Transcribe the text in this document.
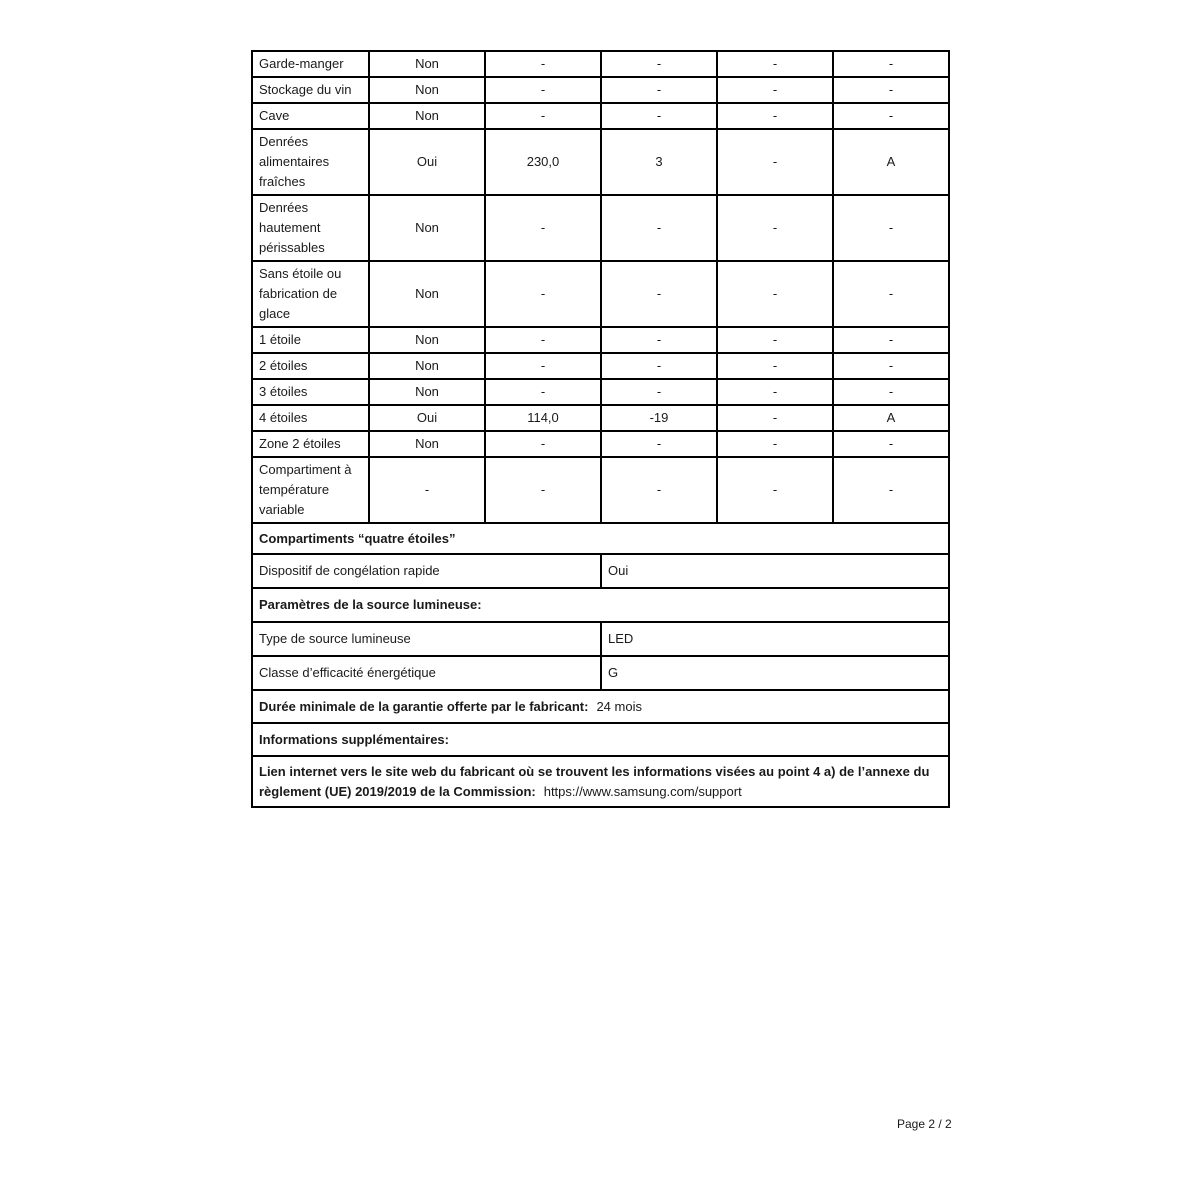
Garde-manger	Non	-	-	-	-
Stockage du vin	Non	-	-	-	-
Cave	Non	-	-	-	-
Denrées alimentaires fraîches	Oui	230,0	3	-	A
Denrées hautement périssables	Non	-	-	-	-
Sans étoile ou fabrication de glace	Non	-	-	-	-
1 étoile	Non	-	-	-	-
2 étoiles	Non	-	-	-	-
3 étoiles	Non	-	-	-	-
4 étoiles	Oui	114,0	-19	-	A
Zone 2 étoiles	Non	-	-	-	-
Compartiment à température variable	-	-	-	-	-
Compartiments “quatre étoiles”					
Dispositif de congélation rapide			Oui		
Paramètres de la source lumineuse:					
Type de source lumineuse			LED		
Classe d’efficacité énergétique			G		
Durée minimale de la garantie offerte par le fabricant: 24 mois					
Informations supplémentaires:					
Lien internet vers le site web du fabricant où se trouvent les informations visées au point 4 a) de l’annexe du règlement (UE) 2019/2019 de la Commission: https://www.samsung.com/support					
Page 2 / 2
